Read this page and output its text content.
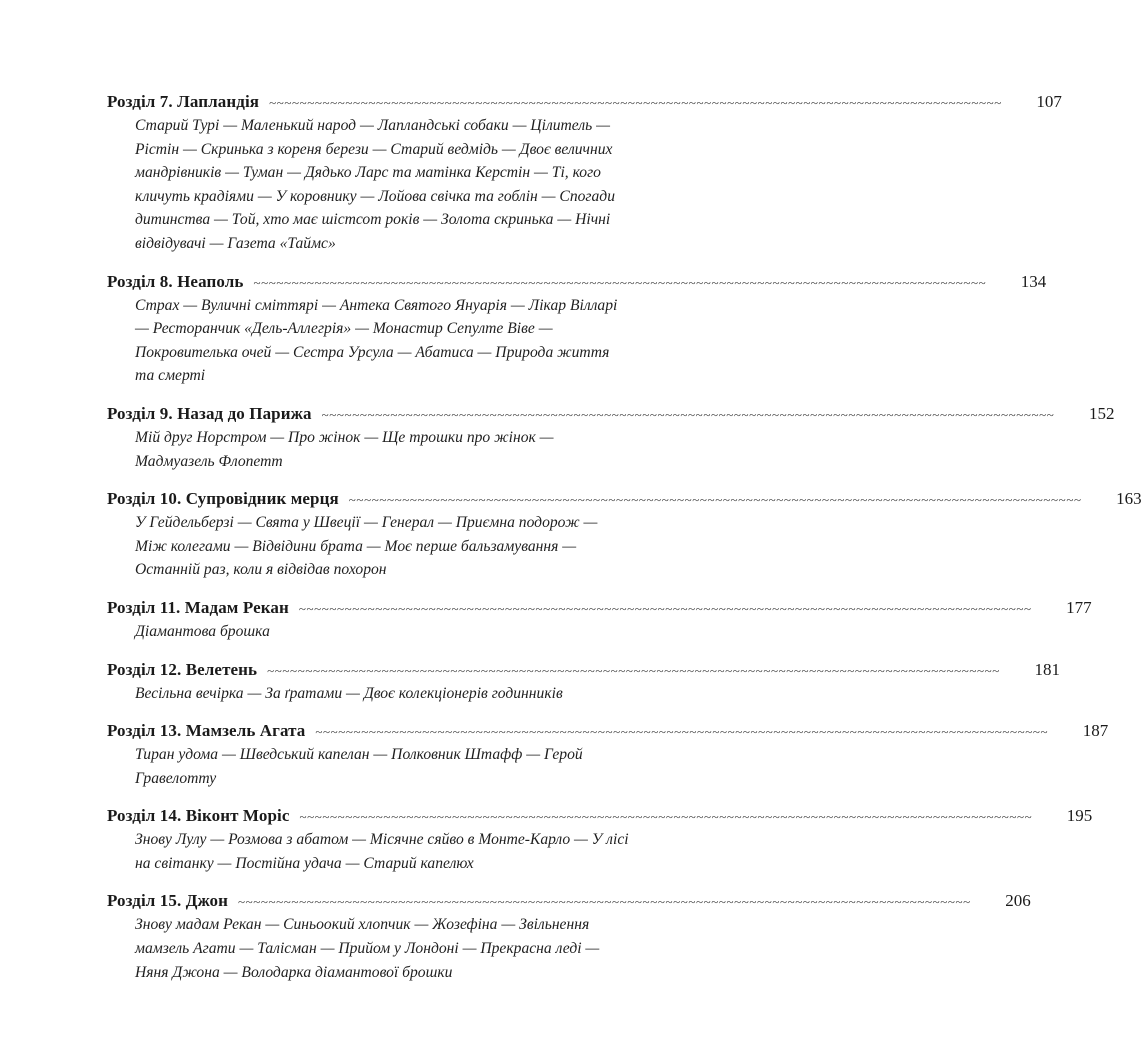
Розділ 7. Лапландія ~~~~~~~~~~~~~~~~~~~~~~~~~~~~~~~~~~~~~~~~~~~~~~~~~~~~~~~~~~~~~~~~~~~~~~~~~~~~~~~~~~~~~~~~~~~~~~~~	107
Старий Турі — Маленький народ — Лапландські собаки — Цілитель — Рістін — Скринька з кореня берези — Старий ведмідь — Двоє величних мандрівників — Туман — Дядько Ларс та матінка Керстін — Ті, кого кличуть крадіями — У коровнику — Лойова свічка та гоблін — Спогади дитинства — Той, хто має шістсот років — Золота скринька — Нічні відвідувачі — Газета «Таймс»
Розділ 8. Неаполь ~~~~~~~~~~~~~~~~~~~~~~~~~~~~~~~~~~~~~~~~~~~~~~~~~~~~~~~~~~~~~~~~~~~~~~~~~~~~~~~~~~~~~~~~~~~~~~~~	134
Страх — Вуличні сміттярі — Антека Святого Януарія — Лікар Віллapі — Ресторанчик «Дель-Аллегрія» — Монастир Сепулте Віве — Покровителька очей — Сестра Урсула — Абатиса — Природа життя та смерті
Розділ 9. Назад до Парижа ~~~~~~~~~~~~~~~~~~~~~~~~~~~~~~~~~~~~~~~~~~~~~~~~~~~~~~~~~~~~~~~~~~~~~~~~~~~~~~~~~~~~~~~~~~~~~~~~	152
Мій друг Норстром — Про жінок — Ще трошки про жінок — Мадмуазель Флопетт
Розділ 10. Супровідник мерця ~~~~~~~~~~~~~~~~~~~~~~~~~~~~~~~~~~~~~~~~~~~~~~~~~~~~~~~~~~~~~~~~~~~~~~~~~~~~~~~~~~~~~~~~~~~~~~~~	163
У Гейдельберзі — Свята у Швеції — Генерал — Приємна подорож — Між колегами — Відвідини брата — Моє перше бальзамування — Останній раз, коли я відвідав похорон
Розділ 11. Мадам Рекан ~~~~~~~~~~~~~~~~~~~~~~~~~~~~~~~~~~~~~~~~~~~~~~~~~~~~~~~~~~~~~~~~~~~~~~~~~~~~~~~~~~~~~~~~~~~~~~~~	177
Діамантова брошка
Розділ 12. Велетень ~~~~~~~~~~~~~~~~~~~~~~~~~~~~~~~~~~~~~~~~~~~~~~~~~~~~~~~~~~~~~~~~~~~~~~~~~~~~~~~~~~~~~~~~~~~~~~~~	181
Весільна вечірка — За ґратами — Двоє колекціонерів годинників
Розділ 13. Мамзель Агата ~~~~~~~~~~~~~~~~~~~~~~~~~~~~~~~~~~~~~~~~~~~~~~~~~~~~~~~~~~~~~~~~~~~~~~~~~~~~~~~~~~~~~~~~~~~~~~~~	187
Тиран удома — Шведський капелан — Полковник Штафф — Герой Гравелотту
Розділ 14. Віконт Моріс ~~~~~~~~~~~~~~~~~~~~~~~~~~~~~~~~~~~~~~~~~~~~~~~~~~~~~~~~~~~~~~~~~~~~~~~~~~~~~~~~~~~~~~~~~~~~~~~~	195
Знову Лулу — Розмова з абатом — Місячне сяйво в Монте-Карло — У лісі на світанку — Постійна удача — Старий капелюх
Розділ 15. Джон ~~~~~~~~~~~~~~~~~~~~~~~~~~~~~~~~~~~~~~~~~~~~~~~~~~~~~~~~~~~~~~~~~~~~~~~~~~~~~~~~~~~~~~~~~~~~~~~~	206
Знову мадам Рекан — Синьоокий хлопчик — Жозефіна — Звільнення мамзель Агати — Талісман — Прийом у Лондоні — Прекрасна леді — Няня Джона — Володарка діамантової брошки
